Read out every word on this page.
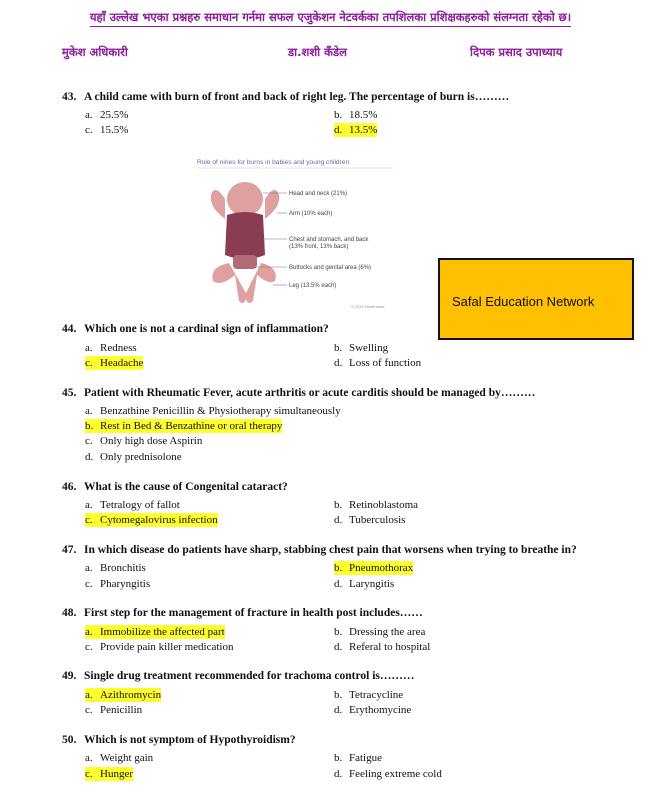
यहाँ उल्लेख भएका प्रश्नहरु समाधान गर्नमा सफल एजुकेशन नेटवर्कका तपशिलका प्रशिक्षकहरुको संलग्नता रहेको छ।
मुकेश अधिकारी	डा.शशी कँडेल	दिपक प्रसाद उपाध्याय
43. A child came with burn of front and back of right leg. The percentage of burn is………
a. 25.5%	b. 18.5%
c. 15.5%	d. 13.5%
Rule of nines for burns in babies and young children
Head and neck (21%)
Arm (10% each)
Chest and stomach, and back
(13% front, 13% back)
Buttocks and genital area (6%)
Leg (13.5% each)
© 2019 Healthwise	Safal Education Network
44. Which one is not a cardinal sign of inflammation?
a. Redness	b. Swelling
c. Headache	d. Loss of function
45. Patient with Rheumatic Fever, acute arthritis or acute carditis should be managed by………
a. Benzathine Penicillin & Physiotherapy simultaneously
b. Rest in Bed & Benzathine or oral therapy
c. Only high dose Aspirin
d. Only prednisolone
46. What is the cause of Congenital cataract?
a. Tetralogy of fallot	b. Retinoblastoma
c. Cytomegalovirus infection	d. Tuberculosis
47. In which disease do patients have sharp, stabbing chest pain that worsens when trying to breathe in?
a. Bronchitis	b. Pneumothorax
c. Pharyngitis	d. Laryngitis
48. First step for the management of fracture in health post includes……
a. Immobilize the affected part	b. Dressing the area
c. Provide pain killer medication	d. Referal to hospital
49. Single drug treatment recommended for trachoma control is………
a. Azithromycin	b. Tetracycline
c. Penicillin	d. Erythomycine
50. Which is not symptom of Hypothyroidism?
a. Weight gain	b. Fatigue
c. Hunger	d. Feeling extreme cold
